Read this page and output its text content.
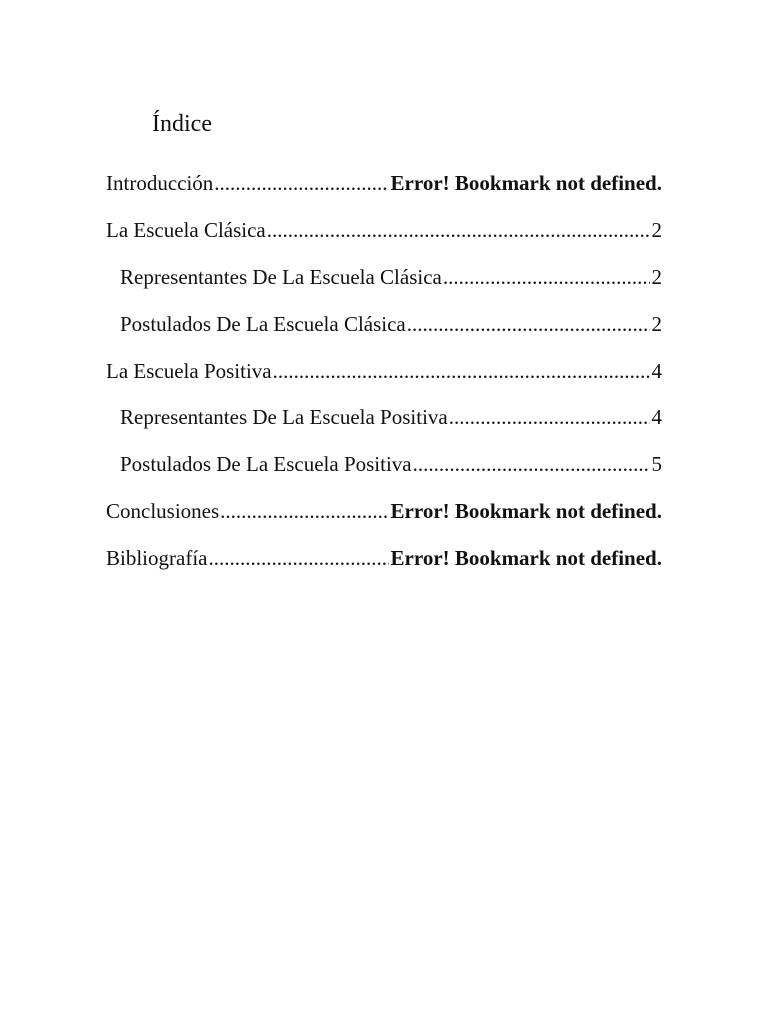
Índice
Introducción .....	Error! Bookmark not defined.
La Escuela Clásica .....	2
Representantes De La Escuela Clásica .....	2
Postulados De La Escuela Clásica .....	2
La Escuela Positiva .....	4
Representantes De La Escuela Positiva .....	4
Postulados De La Escuela Positiva .....	5
Conclusiones .....	Error! Bookmark not defined.
Bibliografía .....	Error! Bookmark not defined.
